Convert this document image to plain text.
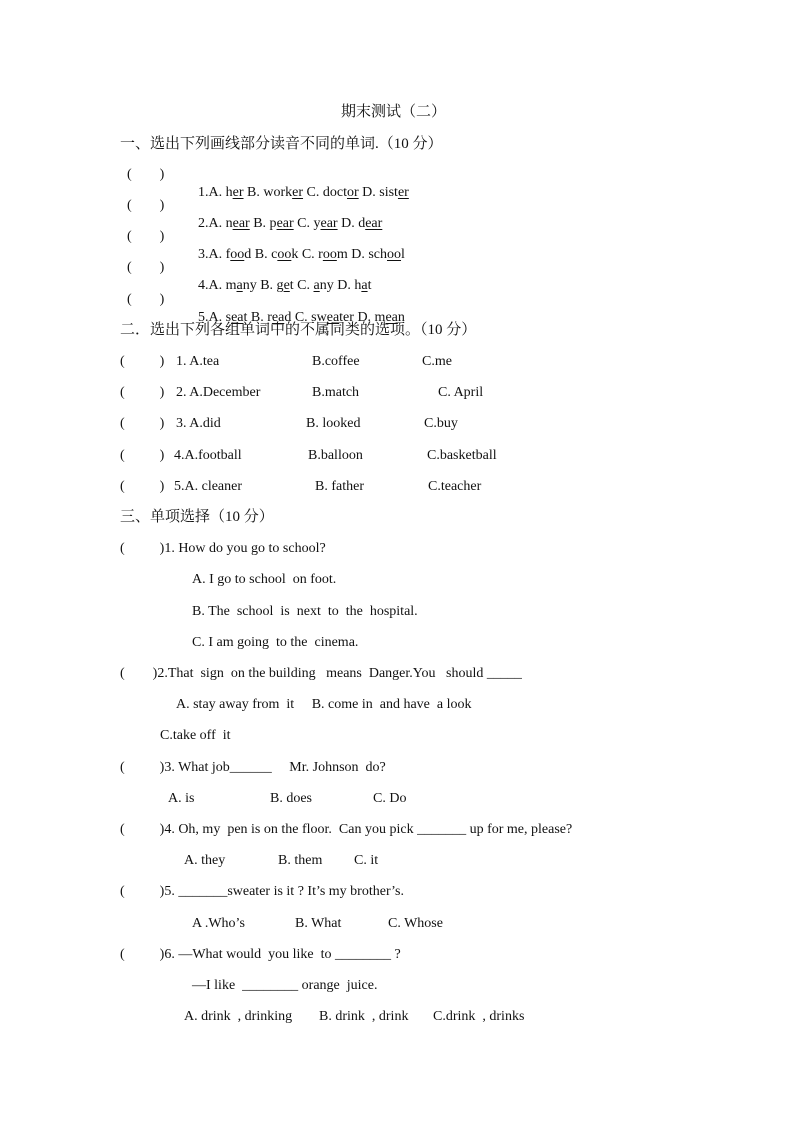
期末测试（二）
一、选出下列画线部分读音不同的单词.（10 分）
(        )

1.A. her B. worker C. doctor D. sister

(        )

2.A. near B. pear C. year D. dear

(        )

3.A. food B. cook C. room D. school

(        )

4.A. many B. get C. any D. hat

(        )

5.A. seat B. read C. sweater D. mean

二．选出下列各组单词中的不属同类的选项。（10 分）
(          ) 1. A.tea	B.coffee	C.me
(          ) 2. A.December	B.match	C. April
(          ) 3. A.did	B. looked	C.buy
(          ) 4.A.football	B.balloon	C.basketball
(          ) 5.A. cleaner	B. father	C.teacher
三、单项选择（10 分）
(          )1. How do you go to school?
A. I go to school  on foot.
B. The  school  is  next  to  the  hospital.
C. I am going  to the  cinema.
(        )2.That  sign  on the building   means  Danger.You   should _____
A. stay away from  it     B. come in  and have  a look
C.take off  it
(          )3. What job______     Mr. Johnson  do?
A. is	B. does	C. Do
(          )4. Oh, my  pen is on the floor.  Can you pick _______ up for me, please?
A. they	B. them C. it
(          )5. _______sweater is it ? It’s my brother’s.
A .Who’s	B. What	C. Whose
(          )6. —What would  you like  to ________ ?
—I like  ________ orange  juice.
A. drink  , drinking B. drink  , drink C.drink  , drinks
